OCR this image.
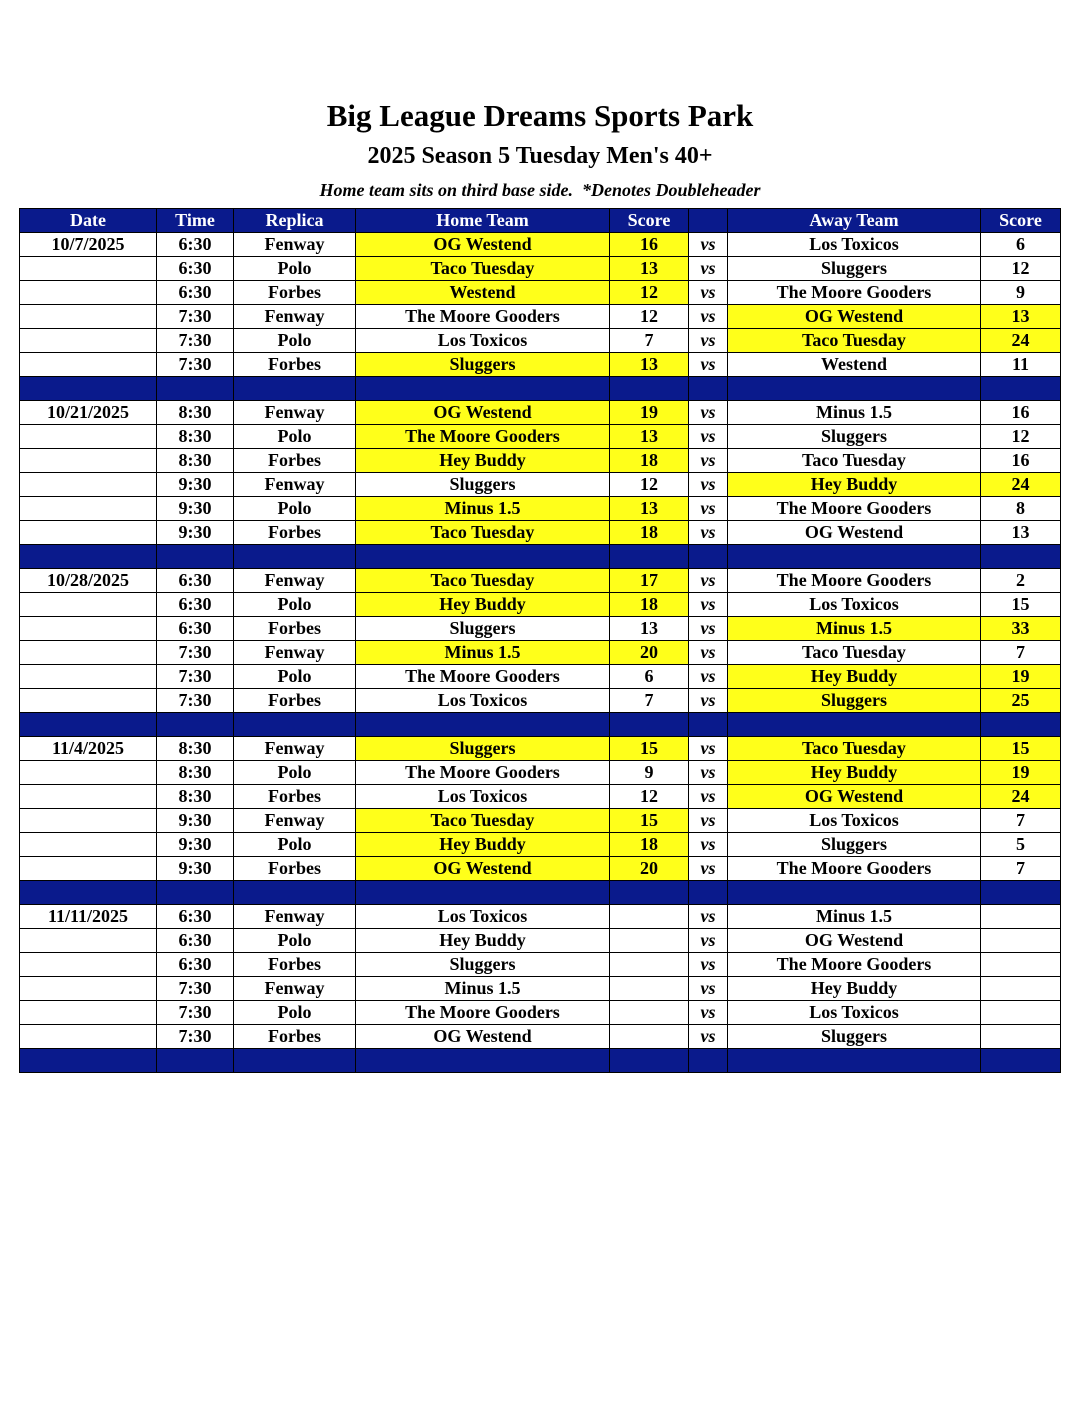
Big League Dreams Sports Park
2025 Season 5 Tuesday Men's 40+
Home team sits on third base side.  *Denotes Doubleheader
Date	Time	Replica	Home Team	Score		Away Team	Score
10/7/2025	6:30	Fenway	OG Westend	16	vs	Los Toxicos	6
	6:30	Polo	Taco Tuesday	13	vs	Sluggers	12
	6:30	Forbes	Westend	12	vs	The Moore Gooders	9
	7:30	Fenway	The Moore Gooders	12	vs	OG Westend	13
	7:30	Polo	Los Toxicos	7	vs	Taco Tuesday	24
	7:30	Forbes	Sluggers	13	vs	Westend	11

10/21/2025	8:30	Fenway	OG Westend	19	vs	Minus 1.5	16
	8:30	Polo	The Moore Gooders	13	vs	Sluggers	12
	8:30	Forbes	Hey Buddy	18	vs	Taco Tuesday	16
	9:30	Fenway	Sluggers	12	vs	Hey Buddy	24
	9:30	Polo	Minus 1.5	13	vs	The Moore Gooders	8
	9:30	Forbes	Taco Tuesday	18	vs	OG Westend	13

10/28/2025	6:30	Fenway	Taco Tuesday	17	vs	The Moore Gooders	2
	6:30	Polo	Hey Buddy	18	vs	Los Toxicos	15
	6:30	Forbes	Sluggers	13	vs	Minus 1.5	33
	7:30	Fenway	Minus 1.5	20	vs	Taco Tuesday	7
	7:30	Polo	The Moore Gooders	6	vs	Hey Buddy	19
	7:30	Forbes	Los Toxicos	7	vs	Sluggers	25

11/4/2025	8:30	Fenway	Sluggers	15	vs	Taco Tuesday	15
	8:30	Polo	The Moore Gooders	9	vs	Hey Buddy	19
	8:30	Forbes	Los Toxicos	12	vs	OG Westend	24
	9:30	Fenway	Taco Tuesday	15	vs	Los Toxicos	7
	9:30	Polo	Hey Buddy	18	vs	Sluggers	5
	9:30	Forbes	OG Westend	20	vs	The Moore Gooders	7

11/11/2025	6:30	Fenway	Los Toxicos		vs	Minus 1.5	
	6:30	Polo	Hey Buddy		vs	OG Westend	
	6:30	Forbes	Sluggers		vs	The Moore Gooders	
	7:30	Fenway	Minus 1.5		vs	Hey Buddy	
	7:30	Polo	The Moore Gooders		vs	Los Toxicos	
	7:30	Forbes	OG Westend		vs	Sluggers	
